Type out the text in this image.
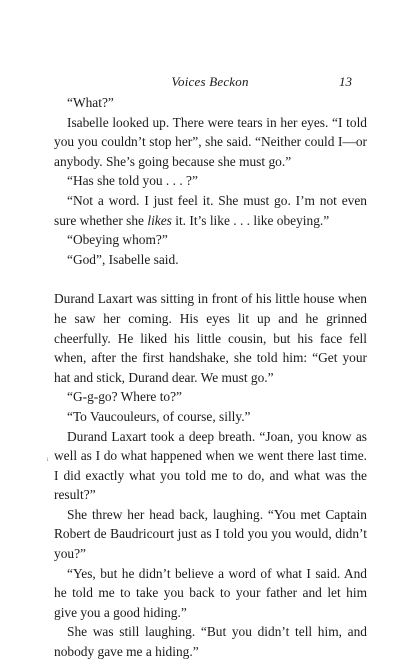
Voices Beckon	13
ᵢ

“What?”

Isabelle looked up. There were tears in her eyes. “I told you you couldn’t stop her”, she said. “Neither could I—or anybody. She’s going because she must go.”

“Has she told you . . . ?”

“Not a word. I just feel it. She must go. I’m not even sure whether she likes it. It’s like . . . like obeying.”

“Obeying whom?”

“God”, Isabelle said.

Durand Laxart was sitting in front of his little house when he saw her coming. His eyes lit up and he grinned cheerfully. He liked his little cousin, but his face fell when, after the first handshake, she told him: “Get your hat and stick, Durand dear. We must go.”

“G-g-go? Where to?”

“To Vaucouleurs, of course, silly.”

Durand Laxart took a deep breath. “Joan, you know as well as I do what happened when we went there last time. I did exactly what you told me to do, and what was the result?”

She threw her head back, laughing. “You met Captain Robert de Baudricourt just as I told you you would, didn’t you?”

“Yes, but he didn’t believe a word of what I said. And he told me to take you back to your father and let him give you a good hiding.”

She was still laughing. “But you didn’t tell him, and nobody gave me a hiding.”
